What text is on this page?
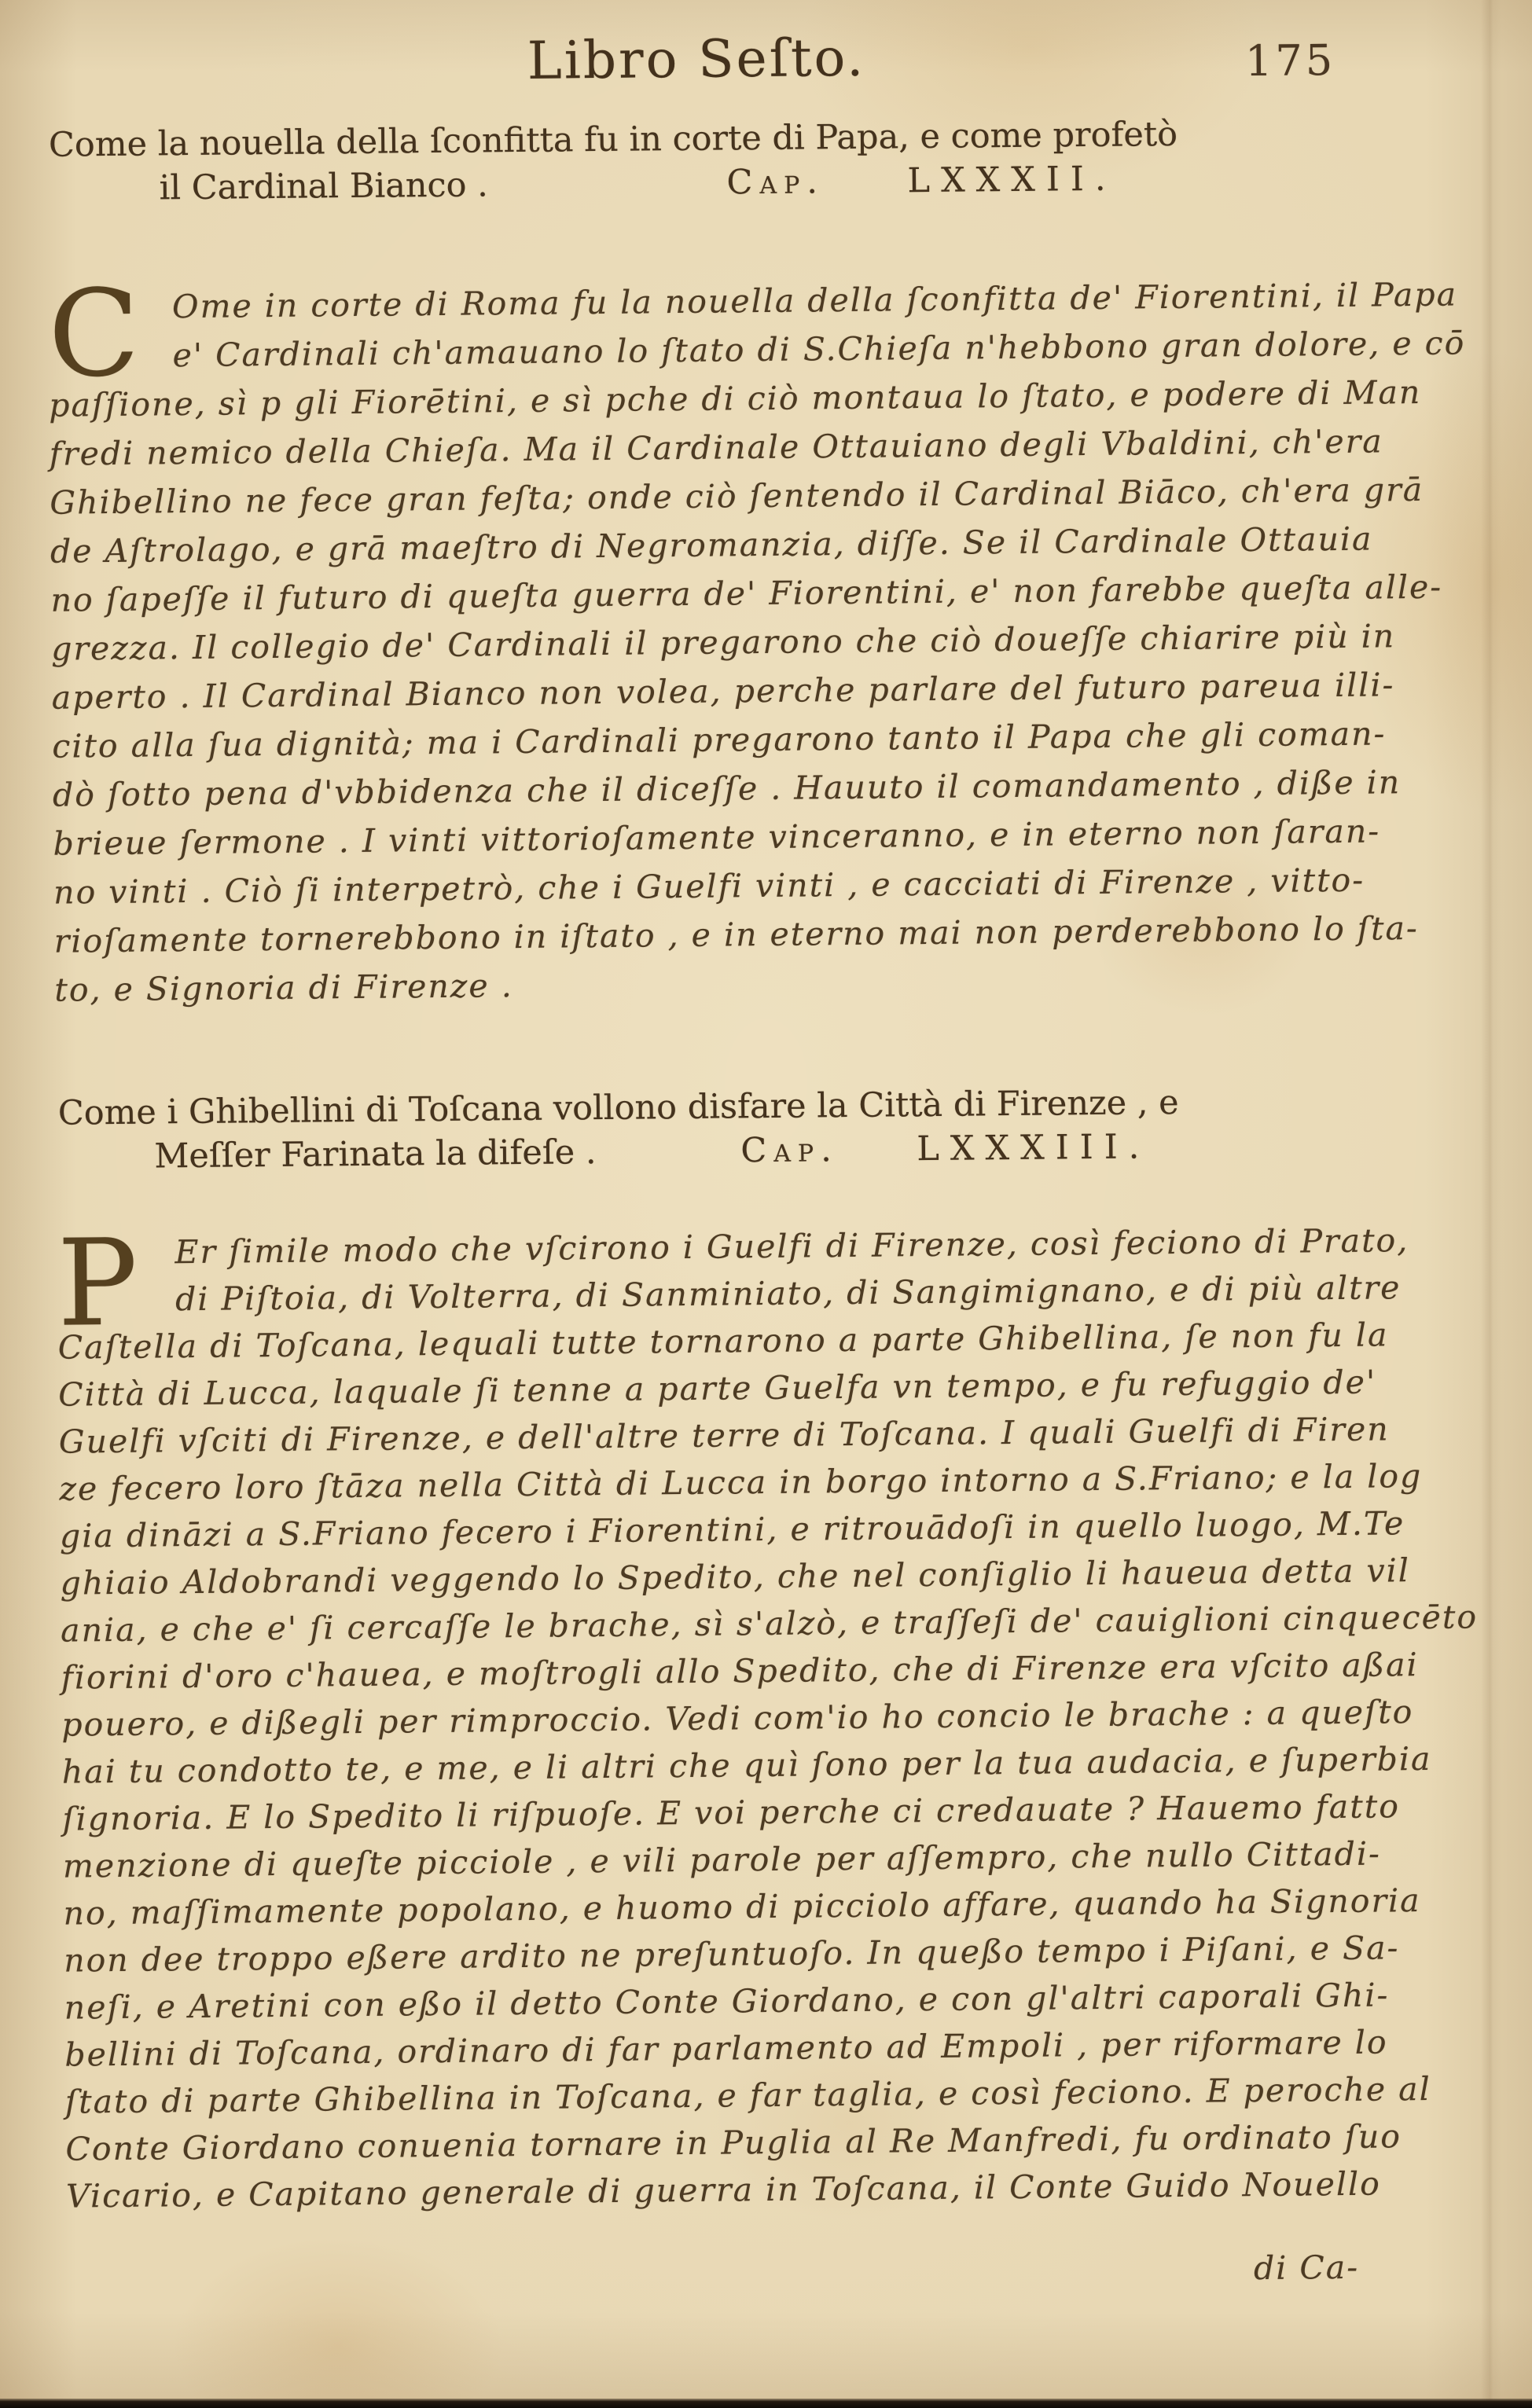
Libro Seſto.	175
Come la nouella della ſconfitta fu in corte di Papa, e come profetò
il Cardinal Bianco .	Cap. LXXXII.
C Ome in corte di Roma fu la nouella della ſconfitta de' Fiorentini, il Papa
e' Cardinali ch'amauano lo ſtato di S.Chieſa n'hebbono gran dolore, e cō
paſſione, sì p gli Fiorētini, e sì pche di ciò montaua lo ſtato, e podere di Man
fredi nemico della Chieſa. Ma il Cardinale Ottauiano degli Vbaldini, ch'era
Ghibellino ne fece gran feſta; onde ciò ſentendo il Cardinal Biāco, ch'era grā
de Aſtrolago, e grā maeſtro di Negromanzia, diſſe. Se il Cardinale Ottauia
no ſapeſſe il futuro di queſta guerra de' Fiorentini, e' non farebbe queſta alle-
grezza. Il collegio de' Cardinali il pregarono che ciò doueſſe chiarire più in
aperto . Il Cardinal Bianco non volea, perche parlare del futuro pareua illi-
cito alla ſua dignità; ma i Cardinali pregarono tanto il Papa che gli coman-
dò ſotto pena d'vbbidenza che il diceſſe . Hauuto il comandamento , diße in
brieue ſermone . I vinti vittorioſamente vinceranno, e in eterno non ſaran-
no vinti . Ciò ſi interpetrò, che i Guelfi vinti , e cacciati di Firenze , vitto-
rioſamente tornerebbono in iſtato , e in eterno mai non perderebbono lo ſta-
to, e Signoria di Firenze .
Come i Ghibellini di Toſcana vollono disfare la Città di Firenze , e
Meſſer Farinata la difeſe .	Cap. LXXXIII.
P	Er ſimile modo che vſcirono i Guelfi di Firenze, così feciono di Prato,
di Piſtoia, di Volterra, di Sanminiato, di Sangimignano, e di più altre
Caſtella di Toſcana, lequali tutte tornarono a parte Ghibellina, ſe non fu la
Città di Lucca, laquale ſi tenne a parte Guelfa vn tempo, e fu refuggio de'
Guelfi vſciti di Firenze, e dell'altre terre di Toſcana. I quali Guelfi di Firen
ze fecero loro ſtāza nella Città di Lucca in borgo intorno a S.Friano; e la log
gia dināzi a S.Friano fecero i Fiorentini, e ritrouādoſi in quello luogo, M.Te
ghiaio Aldobrandi veggendo lo Spedito, che nel conſiglio li haueua detta vil
ania, e che e' ſi cercaſſe le brache, sì s'alzò, e traſſeſi de' cauiglioni cinquecēto
fiorini d'oro c'hauea, e moſtrogli allo Spedito, che di Firenze era vſcito aßai
pouero, e dißegli per rimproccio. Vedi com'io ho concio le brache : a queſto
hai tu condotto te, e me, e li altri che quì ſono per la tua audacia, e ſuperbia
ſignoria. E lo Spedito li riſpuoſe. E voi perche ci credauate ? Hauemo fatto
menzione di queſte picciole , e vili parole per aſſempro, che nullo Cittadi-
no, maſſimamente popolano, e huomo di picciolo affare, quando ha Signoria
non dee troppo eßere ardito ne preſuntuoſo. In queßo tempo i Piſani, e Sa-
neſi, e Aretini con eßo il detto Conte Giordano, e con gl'altri caporali Ghi-
bellini di Toſcana, ordinaro di far parlamento ad Empoli , per riformare lo
ſtato di parte Ghibellina in Toſcana, e far taglia, e così feciono. E peroche al
Conte Giordano conuenia tornare in Puglia al Re Manfredi, fu ordinato ſuo
Vicario, e Capitano generale di guerra in Toſcana, il Conte Guido Nouello
di Ca-
